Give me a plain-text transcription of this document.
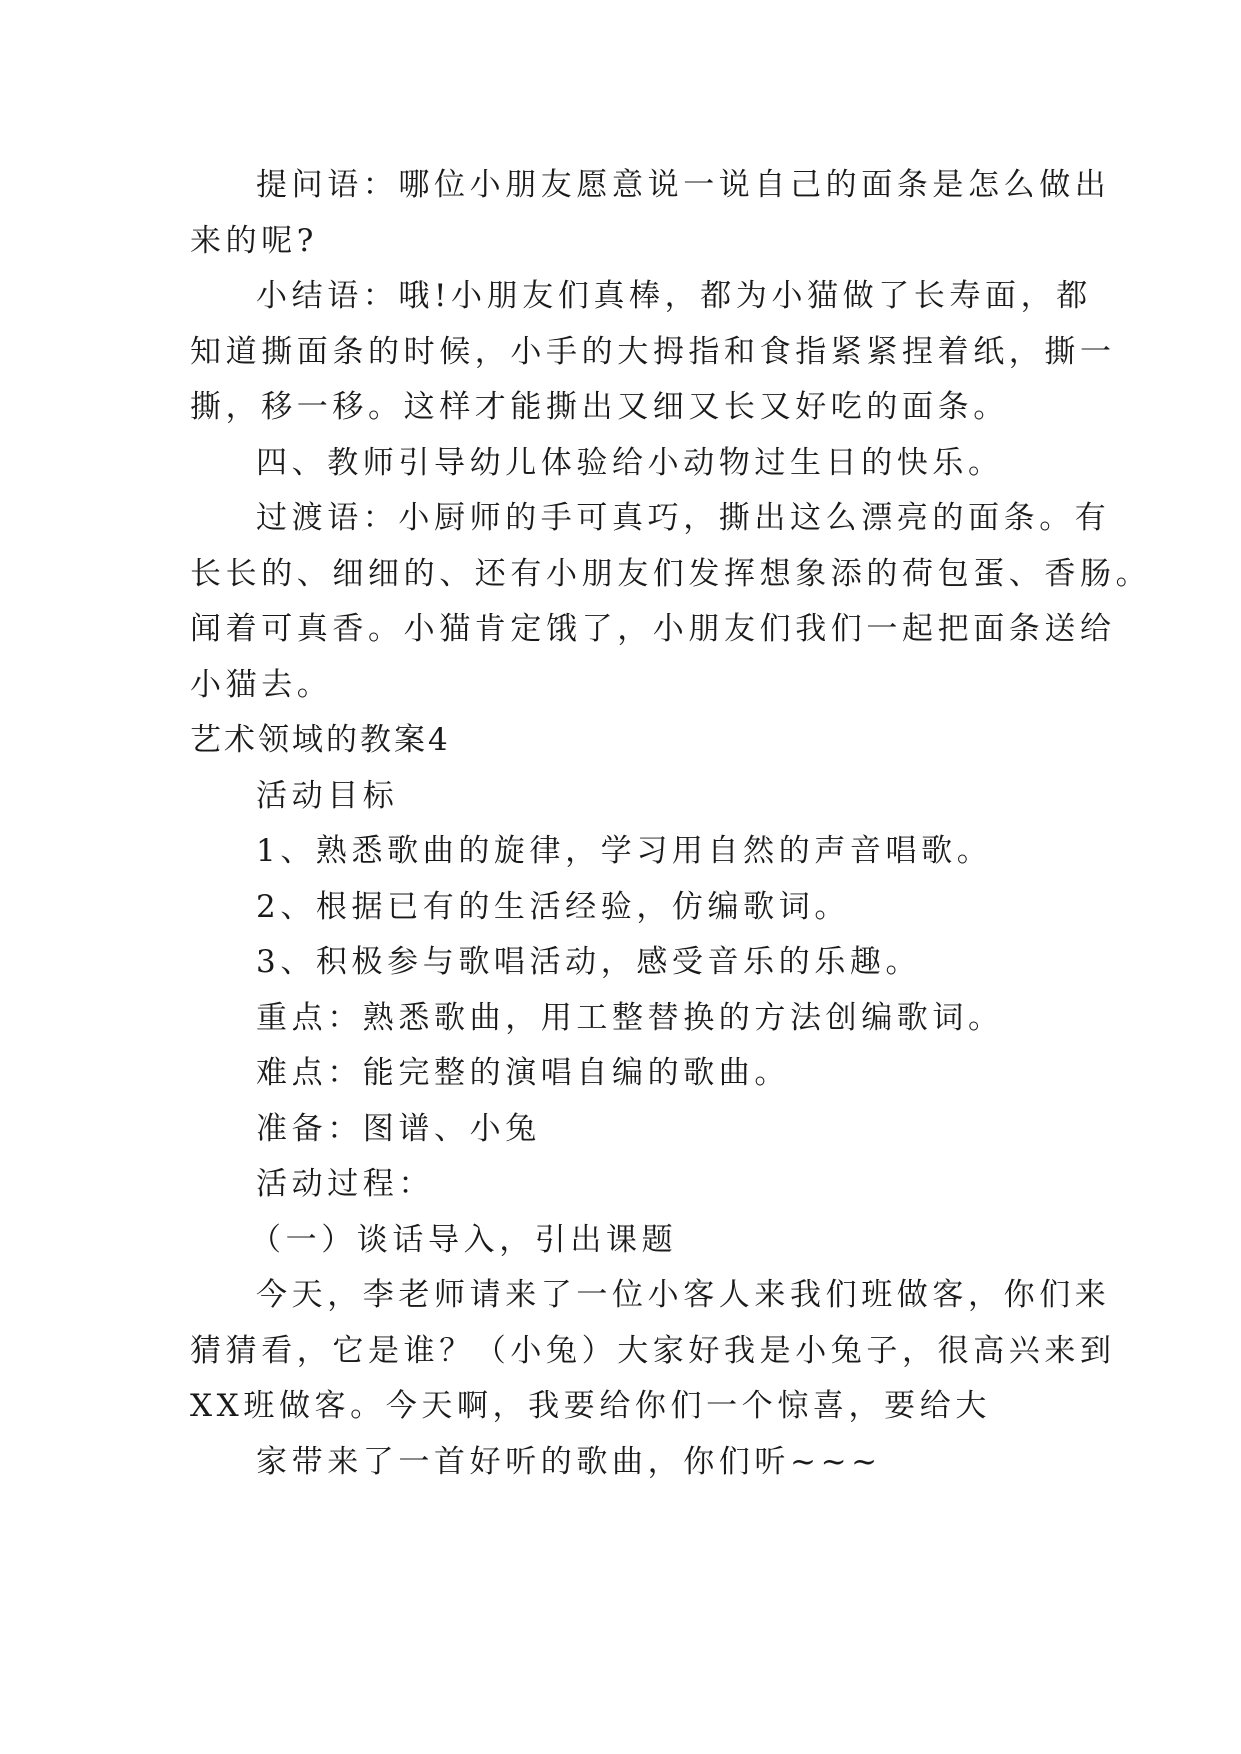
提问语：哪位小朋友愿意说一说自己的面条是怎么做出
来的呢?
小结语：哦!小朋友们真棒，都为小猫做了长寿面，都
知道撕面条的时候，小手的大拇指和食指紧紧捏着纸，撕一
撕，移一移。这样才能撕出又细又长又好吃的面条。
四、教师引导幼儿体验给小动物过生日的快乐。
过渡语：小厨师的手可真巧，撕出这么漂亮的面条。有
长长的、细细的、还有小朋友们发挥想象添的荷包蛋、香肠。
闻着可真香。小猫肯定饿了，小朋友们我们一起把面条送给
小猫去。
艺术领域的教案4
活动目标
1、熟悉歌曲的旋律，学习用自然的声音唱歌。
2、根据已有的生活经验，仿编歌词。
3、积极参与歌唱活动，感受音乐的乐趣。
重点：熟悉歌曲，用工整替换的方法创编歌词。
难点：能完整的演唱自编的歌曲。
准备：图谱、小兔
活动过程：
（一）谈话导入，引出课题
今天，李老师请来了一位小客人来我们班做客，你们来
猜猜看，它是谁？（小兔）大家好我是小兔子，很高兴来到
XX班做客。今天啊，我要给你们一个惊喜，要给大
家带来了一首好听的歌曲，你们听~~~
